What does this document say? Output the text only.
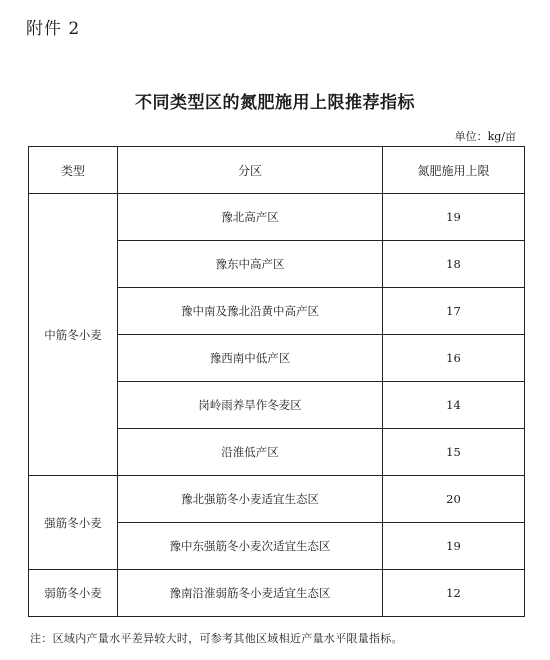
附件 2
不同类型区的氮肥施用上限推荐指标
单位：kg/亩
类型	分区	氮肥施用上限
中筋冬小麦	豫北高产区	19
	豫东中高产区	18
	豫中南及豫北沿黄中高产区	17
	豫西南中低产区	16
	岗岭雨养旱作冬麦区	14
	沿淮低产区	15
强筋冬小麦	豫北强筋冬小麦适宜生态区	20
	豫中东强筋冬小麦次适宜生态区	19
弱筋冬小麦	豫南沿淮弱筋冬小麦适宜生态区	12
注：区域内产量水平差异较大时，可参考其他区域相近产量水平限量指标。
